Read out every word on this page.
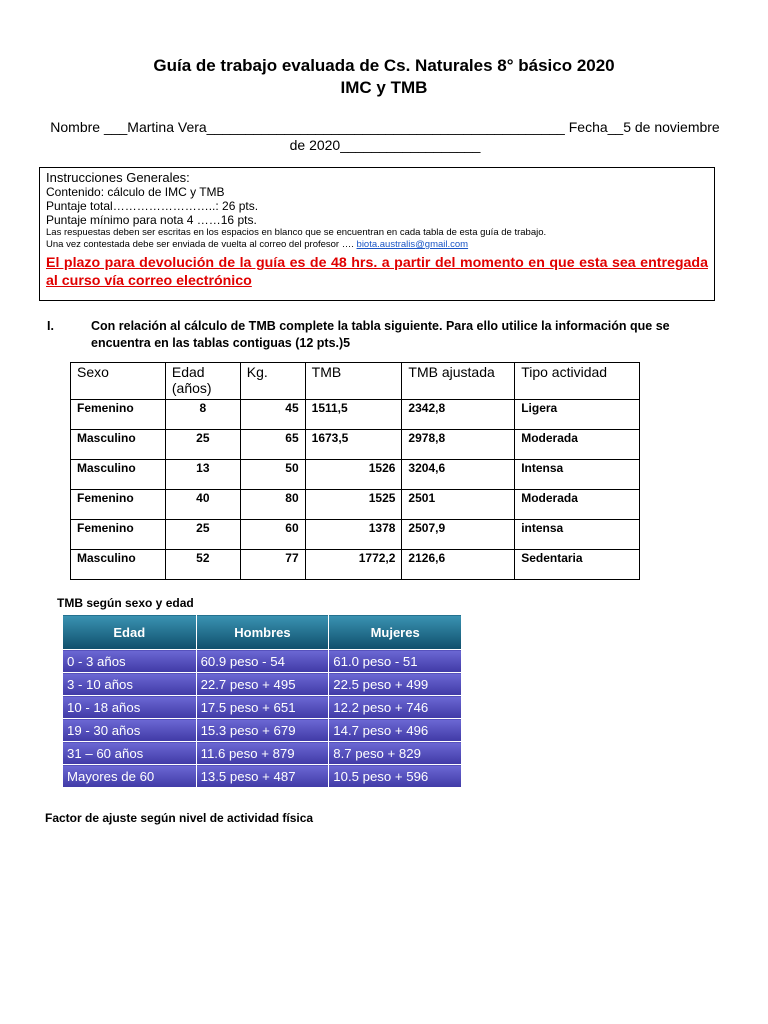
Guía de trabajo evaluada de Cs. Naturales 8° básico 2020
IMC y TMB
Nombre ___Martina Vera______________________________________________ Fecha__5 de noviembre
de 2020__________________
Instrucciones Generales:
Contenido: cálculo de IMC y TMB
Puntaje total……………………..: 26 pts.
Puntaje mínimo para nota 4 ……16 pts.
Las respuestas deben ser escritas en los espacios en blanco que se encuentran en cada tabla de esta guía de trabajo.
Una vez contestada debe ser enviada de vuelta al correo del profesor …. biota.australis@gmail.com
El plazo para devolución de la guía es de 48 hrs. a partir del momento en que esta sea entregada al curso vía correo electrónico
I.	Con relación al cálculo de TMB complete la tabla siguiente. Para ello utilice la información que se encuentra en las tablas contiguas (12 pts.)5
Sexo	Edad (años)	Kg.	TMB	TMB ajustada	Tipo actividad
Femenino	8	45	1511,5	2342,8	Ligera
Masculino	25	65	1673,5	2978,8	Moderada
Masculino	13	50	1526	3204,6	Intensa
Femenino	40	80	1525	2501	Moderada
Femenino	25	60	1378	2507,9	intensa
Masculino	52	77	1772,2	2126,6	Sedentaria
TMB según sexo y edad
Edad	Hombres	Mujeres
0 - 3 años	60.9 peso - 54	61.0 peso - 51
3 - 10 años	22.7 peso + 495	22.5 peso + 499
10 - 18 años	17.5 peso + 651	12.2 peso + 746
19 - 30 años	15.3 peso + 679	14.7 peso + 496
31 – 60 años	11.6 peso + 879	8.7 peso + 829
Mayores de 60	13.5 peso + 487	10.5 peso + 596
Factor de ajuste según nivel de actividad física
